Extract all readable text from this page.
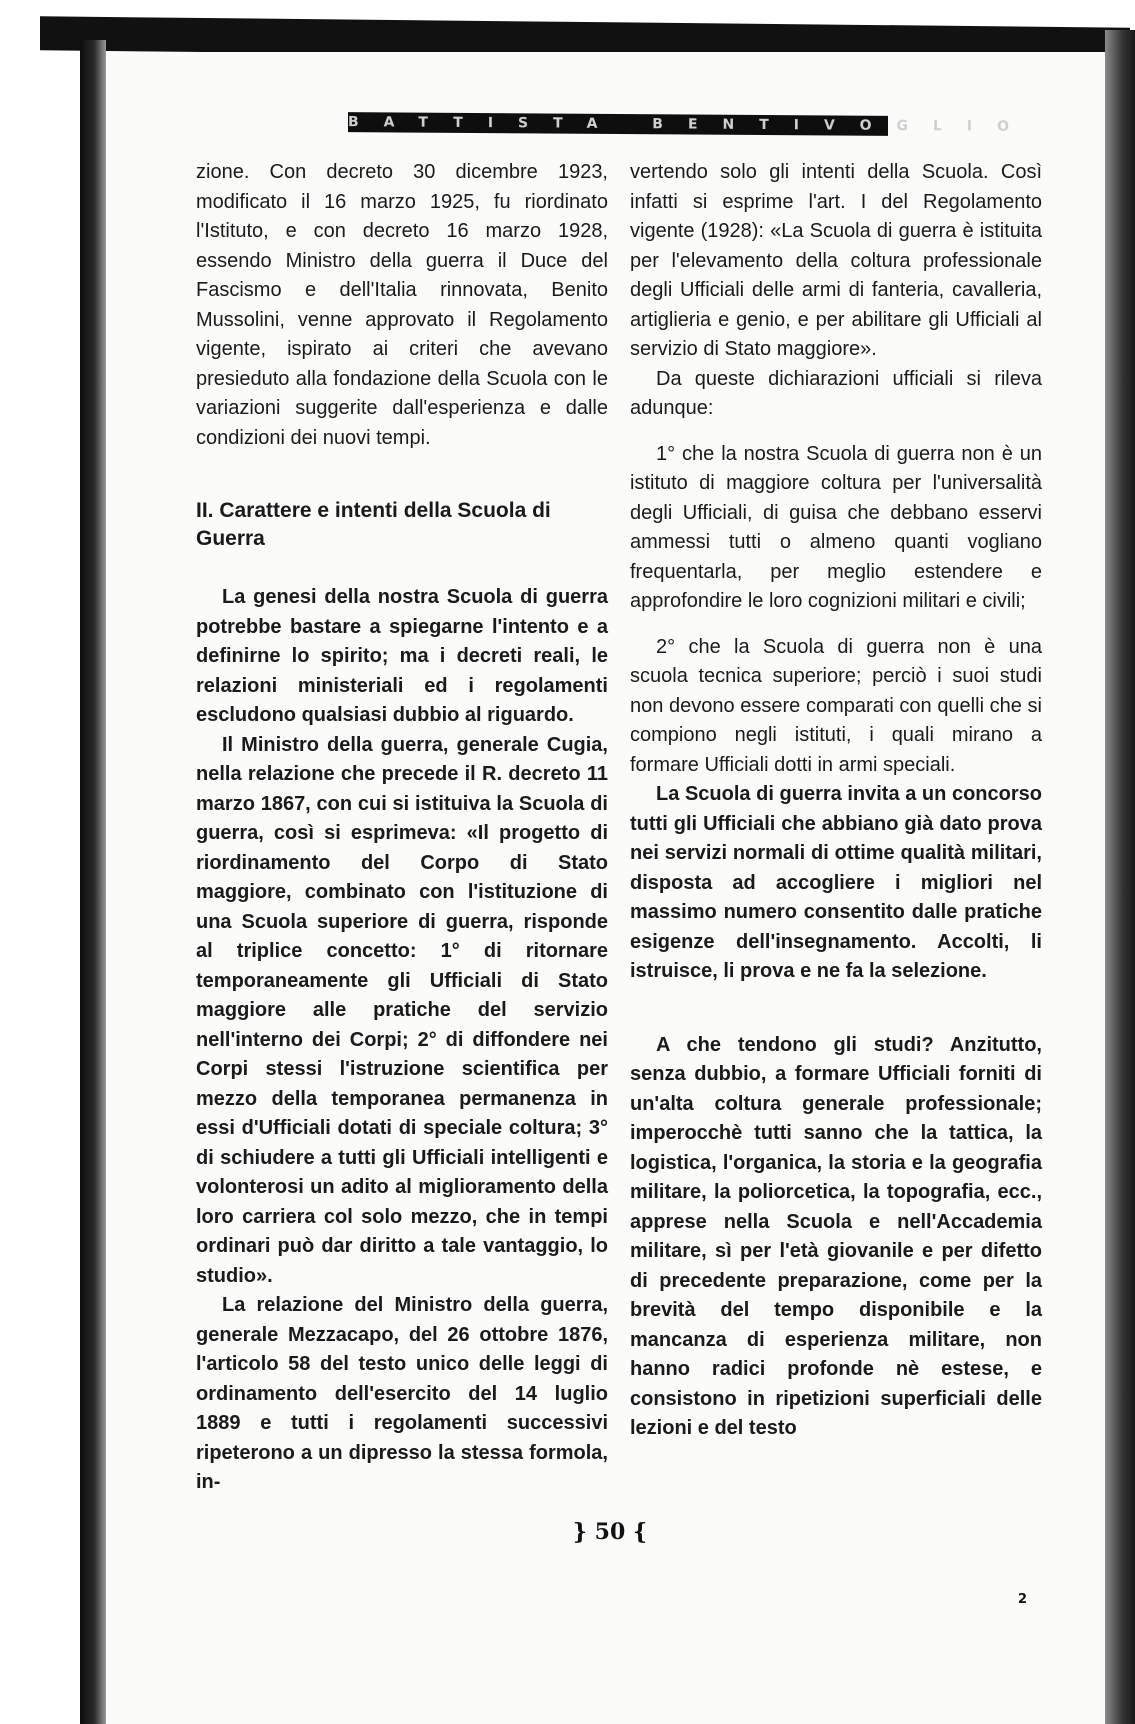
BATTISTA BENTIVOGLIO

zione. Con decreto 30 dicembre 1923, modificato il 16 marzo 1925, fu riordinato l'Istituto, e con decreto 16 marzo 1928, essendo Ministro della guerra il Duce del Fascismo e dell'Italia rinnovata, Benito Mussolini, venne approvato il Regolamento vigente, ispirato ai criteri che avevano presieduto alla fondazione della Scuola con le variazioni suggerite dall'esperienza e dalle condizioni dei nuovi tempi.

II. Carattere e intenti della Scuola di Guerra

La genesi della nostra Scuola di guerra potrebbe bastare a spiegarne l'intento e a definirne lo spirito; ma i decreti reali, le relazioni ministeriali ed i regolamenti escludono qualsiasi dubbio al riguardo.

Il Ministro della guerra, generale Cugia, nella relazione che precede il R. decreto 11 marzo 1867, con cui si istituiva la Scuola di guerra, così si esprimeva: «Il progetto di riordinamento del Corpo di Stato maggiore, combinato con l'istituzione di una Scuola superiore di guerra, risponde al triplice concetto: 1° di ritornare temporaneamente gli Ufficiali di Stato maggiore alle pratiche del servizio nell'interno dei Corpi; 2° di diffondere nei Corpi stessi l'istruzione scientifica per mezzo della temporanea permanenza in essi d'Ufficiali dotati di speciale coltura; 3° di schiudere a tutti gli Ufficiali intelligenti e volonterosi un adito al miglioramento della loro carriera col solo mezzo, che in tempi ordinari può dar diritto a tale vantaggio, lo studio».

La relazione del Ministro della guerra, generale Mezzacapo, del 26 ottobre 1876, l'articolo 58 del testo unico delle leggi di ordinamento dell'esercito del 14 luglio 1889 e tutti i regolamenti successivi ripeterono a un dipresso la stessa formola, in-

vertendo solo gli intenti della Scuola. Così infatti si esprime l'art. I del Regolamento vigente (1928): «La Scuola di guerra è istituita per l'elevamento della coltura professionale degli Ufficiali delle armi di fanteria, cavalleria, artiglieria e genio, e per abilitare gli Ufficiali al servizio di Stato maggiore».

Da queste dichiarazioni ufficiali si rileva adunque:

1° che la nostra Scuola di guerra non è un istituto di maggiore coltura per l'universalità degli Ufficiali, di guisa che debbano esservi ammessi tutti o almeno quanti vogliano frequentarla, per meglio estendere e approfondire le loro cognizioni militari e civili;

2° che la Scuola di guerra non è una scuola tecnica superiore; perciò i suoi studi non devono essere comparati con quelli che si compiono negli istituti, i quali mirano a formare Ufficiali dotti in armi speciali.

La Scuola di guerra invita a un concorso tutti gli Ufficiali che abbiano già dato prova nei servizi normali di ottime qualità militari, disposta ad accogliere i migliori nel massimo numero consentito dalle pratiche esigenze dell'insegnamento. Accolti, li istruisce, li prova e ne fa la selezione.

A che tendono gli studi? Anzitutto, senza dubbio, a formare Ufficiali forniti di un'alta coltura generale professionale; imperocchè tutti sanno che la tattica, la logistica, l'organica, la storia e la geografia militare, la poliorcetica, la topografia, ecc., apprese nella Scuola e nell'Accademia militare, sì per l'età giovanile e per difetto di precedente preparazione, come per la brevità del tempo disponibile e la mancanza di esperienza militare, non hanno radici profonde nè estese, e consistono in ripetizioni superficiali delle lezioni e del testo

} 50 {
2
